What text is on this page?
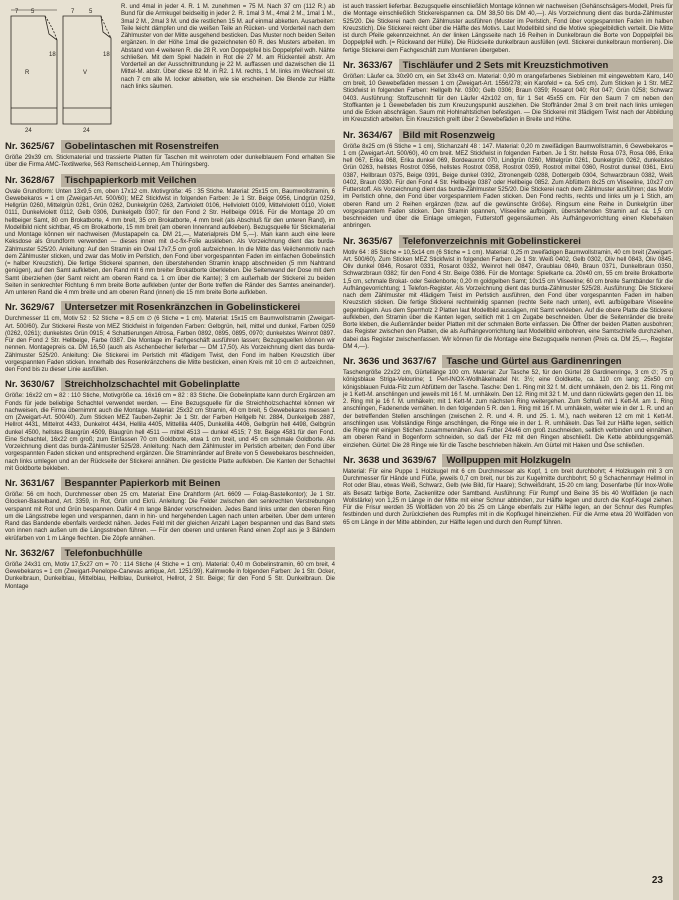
7 5	7 5
R	V
24	24
18	18

R. und 4mal in jeder 4. R. 1 M. zunehmen = 75 M. Nach 37 cm (112 R.) ab Bund für die Armkugel beidseitig in jeder 2. R. 1mal 3 M., 4mal 2 M., 1mal 1 M., 3mal 2 M., 2mal 3 M. und die restlichen 15 M. auf einmal abketten. Ausarbeiten: Teile leicht dämpfen und die weißen Teile an Rücken- und Vorderteil nach dem Zählmuster von der Mitte ausgehend besticken. Das Muster noch beiden Seiten ergänzen. In der Höhe 1mal die gezeichneten 60 R. des Musters arbeiten. Im Abstand von 4 weiteren R. die 28 R. von Doppelpfeil bis Doppelpfeil wdh. Nähte schließen. Mit dem Spiel Nadeln in Rot die 27 M. am Rückenteil abstr. Am Vorderteil an der Ausschnittrundung je 22 M. auffassen und dazwischen die 11 Mittel-M. abstr. Über diese 82 M. in R2. 1 M. rechts, 1 M. links im Wechsel str. nach 7 cm alle M. locker abketten, wie sie erscheinen. Die Blende zur Hälfte nach links säumen.

Nr. 3625/67	Gobelintaschen mit Rosenstreifen

Größe 29x39 cm. Stickmaterial und trassierte Platten für Taschen mit weinrotem oder dunkelblauem Fond erhalten Sie über die Firma AMC-Textilwerke, 563 Remscheid-Lennep, Am Thüringsberg.

Nr. 3628/67	Tischpapierkorb mit Veilchen

Ovale Grundform: Unten 13x9,5 cm, oben 17x12 cm. Motivgröße: 45 : 35 Stiche. Material: 25x15 cm, Baumwollstramin, 6 Gewebekaros = 1 cm (Zweigart-Art. 500/60); MEZ Stickfwist in folgenden Farben: Je 1 Str. Beige 0956, Lindgrün 0259, Hellgrün 0260, Mittelgrün 0261, Grün 0262, Dunkelgrün 0263, Zartviolett 0106, Hellviolett 0109, Mittelviolett 0110, Violett 0111, Dunkelviolett 0112, Gelb 0306, Dunkelgelb 0307; für den Fond 2 Str. Hellbeige 0916. Für die Montage 20 cm hellbeiger Samt, 80 cm Brokatborte, 4 mm breit, 35 cm Brokatborte, 4 mm breit (als Abschluß für den unteren Rand), im Modellbild nicht sichtbar, 45 cm Brokatborte, 15 mm breit (am oberen Innenrand aufkleben). Bezugsquelle für Stickmaterial und Montage können wir nachweisen (Mustapapeln ca. DM 21,—, Materialpreis DM 5,—). Man kann auch eine leere Keksdose als Grundform verwenden — dieses innen mit d-c-fix-Folie auskleben. Als Vorzeichnung dient das burda-Zählmuster 525/20. Anleitung: Auf den Stramin ein Oval 17x7,5 cm groß aufzeichnen. In die Mitte das Veilchenmotiv nach dem Zählmuster sticken, und zwar das Motiv im Perlstich, den Fond über vorgespannten Faden im einfachen Gobelinstich (= halber Kreuzstich). Die fertige Stickerei spannen, den überstehenden Stramin knapp abschneiden (5 mm Nahtrand genügen), auf den Samt aufkleben, den Rand mit 6 mm breiter Brokatborte überkleben. Die Seitenwand der Dose mit dem Samt überziehen (der Samt reicht am oberen Rand ca. 1 cm über die Kante); 3 cm außerhalb der Stickerei zu beiden Seiten in senkrechter Richtung 6 mm breite Borte aufkleben (unter der Borte treffen die Ränder des Samtes aneinander). Am unteren Rand die 4 mm breite und am oberen Rand (innen) die 15 mm breite Borte aufkleben.

Nr. 3629/67	Untersetzer mit Rosenkränzchen in Gobelinstickerei

Durchmesser 11 cm, Motiv 52 : 52 Stiche = 8,5 cm ∅ (6 Stiche = 1 cm). Material: 15x15 cm Baumwollstramin (Zweigart-Art. 500/60). Zur Stickerei Reste von MEZ Stickfwist in folgenden Farben: Gelbgrün, hell, mittel und dunkel, Farben 0259 (0262, 0261); dunkelstes Grün 0915; 4 Schattierungen Altrosa, Farben 0892, 0895, 0895, 0970; dunkelstes Weinrot 0897. Für den Fond 2 Str. Hellbeige, Farbe 0387. Die Montage im Fachgeschäft ausführen lassen; Bezugsquellen können wir nennen. Montagepreis ca. DM 16,50 (auch als Aschenbecher lieferbar — DM 17,50). Als Vorzeichnung dient das burda-Zählmuster 525/20. Anleitung: Die Stickerei im Perlstich mit 4fädigem Twist, den Fond im halben Kreuzstich über vorgespannten Faden sticken. Innerhalb des Rosenkränzchens die Mitte besticken, einen Kreis mit 10 cm ∅ aufzeichnen, den Fond bis zu dieser Linie ausfüllen.

Nr. 3630/67	Streichholzschachtel mit Gobelinplatte

Größe: 16x22 cm = 82 : 110 Stiche, Motivgröße ca. 16x16 cm = 82 : 83 Stiche. Die Gobelinplatte kann durch Ergänzen am Fonds für jede beliebige Schachtel verwendet werden. — Eine Bezugsquelle für die Streichholzschachtel können wir nachweisen, die Firma übernimmt auch die Montage. Material: 25x32 cm Stramin, 40 cm breit, 5 Gewebekaros messen 1 cm (Zweigart-Art. 500/40). Zum Sticken MEZ Tauben-Zephir: Je 1 Str. der Farben Hellgelb Nr. 2884, Dunkelgelb 2887, Hellrot 4431, Mittelrot 4433, Dunkelrot 4434, Hellila 4405, Mittellila 4405, Dunkellila 4406, Gelbgrün hell 4498, Gelbgrün dunkel 4500, hellstes Blaugrün 4509, Blaugrün hell 4511 — mittel 4513 — dunkel 4515; 7 Str. Beige 4581 für den Fond. Eine Schachtel, 16x22 cm groß; zum Einfassen 70 cm Goldborte, etwa 1 cm breit, und 45 cm schmale Goldborte. Als Vorzeichnung dient das burda-Zählmuster 525/28. Anleitung: Nach dem Zählmuster im Perlstich arbeiten; den Fond über vorgespannten Faden sticken und entsprechend ergänzen. Die Straminränder auf Breite von 5 Gewebekaros beschneiden, nach links umlegen und an der Rückseite der Stickerei annähen. Die gestickte Platte aufkleben. Die Kanten der Schachtel mit Goldborte bekleben.

Nr. 3631/67	Bespannter Papierkorb mit Beinen

Größe: 56 cm hoch, Durchmesser oben 25 cm. Material: Eine Drahtform (Art. 6609 — Folag-Bastelkontor); Je 1 Str. Glocken-Bastelband, Art. 3359, in Rot, Grün und Ekrü. Anleitung: Die Felder zwischen den senkrechten Verstrebungen verspannt mit Rot und Grün bespannen. Dafür 4 m lange Bänder vorschneiden. Jedes Band links unter den oberen Ring um die Längsstrebe legen und verspannen, dann in hin- und hergehenden Lagen nach unten arbeiten. Über dem unteren Rand das Bandende ebenfalls verdeckt nähen. Jedes Feld mit der gleichen Anzahl Lagen bespannen und das Band stets von innen nach außen um die Längsstreben führen. — Für den oberen und unteren Rand einen Zopf aus je 3 Bändern ekrüfarben von 1 m Länge flechten. Die Zöpfe annähen.

Nr. 3632/67	Telefonbuchhülle

Größe 24x31 cm, Motiv 17,5x27 cm = 70 : 114 Stiche (4 Stiche = 1 cm). Material: 0,40 m Gobelinstramin, 60 cm breit, 4 Gewebekaros = 1 cm (Zweigart-Penelope-Canevas antique, Art. 1251/39). Kalimwolle in folgenden Farben: Je 1 Str. Ocker, Dunkelbraun, Dunkelblau, Mittelblau, Hellblau, Dunkelrot, Hellrot, 2 Str. Beige; für den Fond 5 Str. Dunkelbraun. Die Montage

ist auch trassiert lieferbar. Bezugsquelle einschließlich Montage können wir nachweisen (Gehänschsägers-Modell, Preis für die Montage einschließlich Stickereispannen ca. DM 38,50 bis DM 40,—). Als Vorzeichnung dient das burda-Zählmuster 525/20. Die Stickerei nach dem Zählmuster ausführen (Muster im Perlstich, Fond über vorgespannten Faden im halben Kreuzstich). Die Stickerei reicht über die Hälfte des Motivs. Laut Modellbild sind die Motive spiegelbildlich verteilt. Die Mitte ist durch Pfeile gekennzeichnet. An der linken Längsseite nach 16 Reihen in Dunkelbraun die Borte von Doppelpfeil bis Doppelpfeil wdh. (= Rückwand der Hülle). Die Rückseite dunkelbraun ausfüllen (evtl. Stickerei dunkelbraun montieren). Die fertige Stickerei dem Fachgeschäft zum Montieren übergeben.

Nr. 3633/67	Tischläufer und 2 Sets mit Kreuzstichmotiven

Größen: Läufer ca. 30x90 cm, ein Set 33x43 cm. Material: 0,90 m orangefarbenes Siebleinen mit eingewebtem Karo, 140 cm breit, 10 Gewebefäden messen 1 cm (Zweigart-Art. 1556/278; ein Karofeld = ca. 5x5 cm). Zum Sticken je 1 Str. MEZ Stickfwist in folgenden Farben: Hellgelb Nr. 0300; Gelb 0306; Braun 0359; Rosarot 040; Rot 047; Grün 0258; Schwarz 0403. Ausführung: Stoffzuschnitt für den Läufer 42x102 cm, für 1 Set 45x55 cm. Für den Saum 7 cm neben den Stoffkanten je 1 Gewebefaden bis zum Kreuzungspunkt ausziehen. Die Stoffränder 2mal 3 cm breit nach links umlegen und die Ecken abschrägen. Saum mit Hohlnahtstichen befestigen. — Die Stickerei mit 3fädigem Twist nach der Abbildung im Kreuzstich arbeiten. Ein Kreuzstich greift über 2 Gewebefäden in Breite und Höhe.

Nr. 3634/67	Bild mit Rosenzweig

Größe 8x25 cm (6 Stiche = 1 cm), Stichanzahl 48 : 147. Material: 0,20 m zweifädigen Baumwollstramin, 6 Gewebekaros = 1 cm (Zweigart-Art. 500/60), 40 cm breit. MEZ Stickfwist in folgenden Farben. Je 1 Str. hellste Rosa 073, Rosa 086, Erika hell 067, Erika 068, Erika dunkel 069, Bordeauxrot 070, Lindgrün 0260, Mittelgrün 0261, Dunkelgrün 0262, dunkelstes Grün 0263, hellstes Rostrot 0356, hellstes Rostrot 0358, Rostrot 0359, Rostrot mittel 0360, Rostrot dunkel 0361, Ekrü 0387, Hellbraun 0375, Beige 0391, Beige dunkel 0392, Zitronengelb 0288, Dottergelb 0304, Schwarzbraun 0382, Weiß 0402, Braun 0330. Für den Fond 4 Str. Hellbeige 0387 oder Hellbeige 0852. Zum Abfüttern 8x25 cm Vliseeline, 10x27 cm Futterstoff. Als Vorzeichnung dient das burda-Zählmuster 525/20. Die Stickerei nach dem Zählmuster ausführen; das Motiv im Perlstich ohne, den Fond über vorgespanntem Faden sticken. Den Fond rechts, rechts und links um je 1 Stich, am oberen Rand um 2 Reihen ergänzen (bzw. auf die gewünschte Größe). Ringsum eine Reihe in Dunkelgrün über vorgespanntem Faden sticken. Den Stramin spannen, Vliseeline aufbügeln, überstehenden Stramin auf ca. 1,5 cm beschneiden und über die Einlage umlegen, Futterstoff gegensäumen. Als Aufhängevorrichtung einen Klebehaken anbringen.

Nr. 3635/67	Telefonverzeichnis mit Gobelinstickerei

Motiv 64 : 85 Stiche = 10,5x14 cm (6 Stiche = 1 cm). Material: 0,25 m zweifädigen Baumwollstramin, 40 cm breit (Zweigart-Art. 500/60). Zum Sticken MEZ Stickfwist in folgenden Farben: Je 1 Str. Weiß 0402, Gelb 0302, Oliv hell 0843, Oliv 0845, Oliv dunkel 0846, Rosarot 0331, Rosarot 0332, Weinrot hell 0847, Graublau 0849, Braun 0371, Dunkelbraun 0350, Schwarzbraun 0382; für den Fond 4 Str. Beige 0386. Für die Montage: Spielkarte ca. 20x40 cm, 55 cm breite Brokatborte 1,5 cm, schmale Brokat- oder Seidenborte; 0,20 m goldgelben Samt; 10x15 cm Vliseeline; 60 cm breite Samtbänder für die Aufhängevorrichtung; 1 Telefon-Register. Als Vorzeichnung dient das burda-Zählmuster 525/28. Ausführung: Die Stickerei nach dem Zählmuster mit 4fädigem Twist im Perlstich ausführen, den Fond über vorgespannten Faden im halben Kreuzstich sticken. Die fertige Stickerei rechtwinklig spannen (rechte Seite nach unten), evtl. aufbügelbare Vliseeline gegenbügeln. Aus dem Sperrholz 2 Platten laut Modellbild aussägen, mit Samt verkleben. Auf die obere Platte die Stickerei aufkleben, den Stramin über die Kanten legen, seitlich mit 1 cm Zugabe beschneiden. Über die Seitenränder die breite Borte kleben, die Außenränder beider Platten mit der schmalen Borte einfassen. Die Öffner der beiden Platten ausbohren; das Register zwischen den Platten, die als Aufhängevorrichtung laut Modellbild einbohren, eine Samtschleife durchziehen, dabei das Register zwischenfassen. Wir können für die Montage eine Bezugsquelle nennen (Preis ca. DM 25,—, Register DM 4,—).

Nr. 3636 und 3637/67	Tasche und Gürtel aus Gardinenringen

Taschengröße 22x22 cm, Gürtellänge 100 cm. Material: Zur Tasche 52, für den Gürtel 28 Gardinenringe, 3 cm ∅; 75 g königsblaue Striga-Velourine; 1 Perl-INOX-Wollhäkelnadel Nr. 3½; eine Goldkette, ca. 110 cm lang; 25x50 cm königsblauen Fulda-Filz zum Abfüttern der Tasche. Tasche: Den 1. Ring mit 32 f. M. dicht umhäkeln, den 2. bis 11. Ring mit je 1 Kett-M. anschlingen und jeweils mit 16 f. M. umhäkeln. Den 12. Ring mit 32 f. M. und dann rückwärts gegen den 11. bis 2. Ring mit je 16 f. M. umhäkeln; mit 1 Kett-M. zum nächsten Ring weitergehen. Zum Schluß mit 1 Kett-M. am 1. Ring anschlingen, Fadenende vernähen. In den folgenden 5 R. den 1. Ring mit 16 f. M. umhäkeln, weiter wie in der 1. R. und an der betreffenden Stellen anschlingen (zwischen 2. R. und 4. R. und 25. 1. M.), nach weiteren 12 cm mit 1 Kett-M. anschlingen usw. Vollständige Ringe anschlingen, die Ringe wie in der 1. R. umhäkeln. Das Teil zur Hälfte legen, seitlich die Ringe mit einigen Stichen zusammennähen. Aus Futter 24x46 cm groß zuschneiden, seitlich verbinden und einnähen, am oberen Rand in Bogenform schneiden, so daß der Filz mit den Ringen abschließt. Die Kette abbildungsgemäß einziehen. Gürtel: Die 28 Ringe wie für die Tasche beschrieben häkeln. Am Gürtel mit Haken und Öse schließen.

Nr. 3638 und 3639/67	Wollpuppen mit Holzkugeln

Material: Für eine Puppe 1 Holzkugel mit 6 cm Durchmesser als Kopf, 1 cm breit durchbohrt; 4 Holzkugeln mit 3 cm Durchmesser für Hände und Füße, jeweils 0,7 cm breit, nur bis zur Kugelmitte durchbohrt; 50 g Schachenmayr Hellmol in Rot oder Blau, etwas Weiß, Schwarz, Gelb (wie Bild, für Haare); Schweißdraht, 15-20 cm lang; Dosenfarbe (für Inox-Wolle als Besatz farbige Borte, Zackenlitze oder Samtband. Ausführung: Für Rumpf und Beine 35 bis 40 Wollfäden (je nach Wollstärke) von 1,25 m Länge in der Mitte mit einer Schnur abbinden, zur Hälfte legen und durch die Kopf-Kugel ziehen. Für die Frisur werden 35 Wollfäden von 20 bis 25 cm Länge ebenfalls zur Hälfte legen, an der Schnur des Rumpfes festbinden und durch Zurückziehen des Rumpfes mit in die Kopfkugel hineinziehen. Für die Arme etwa 20 Wollfäden von 65 cm Länge in der Mitte abbinden, zur Hälfte legen und durch den Rumpf führen.

23
